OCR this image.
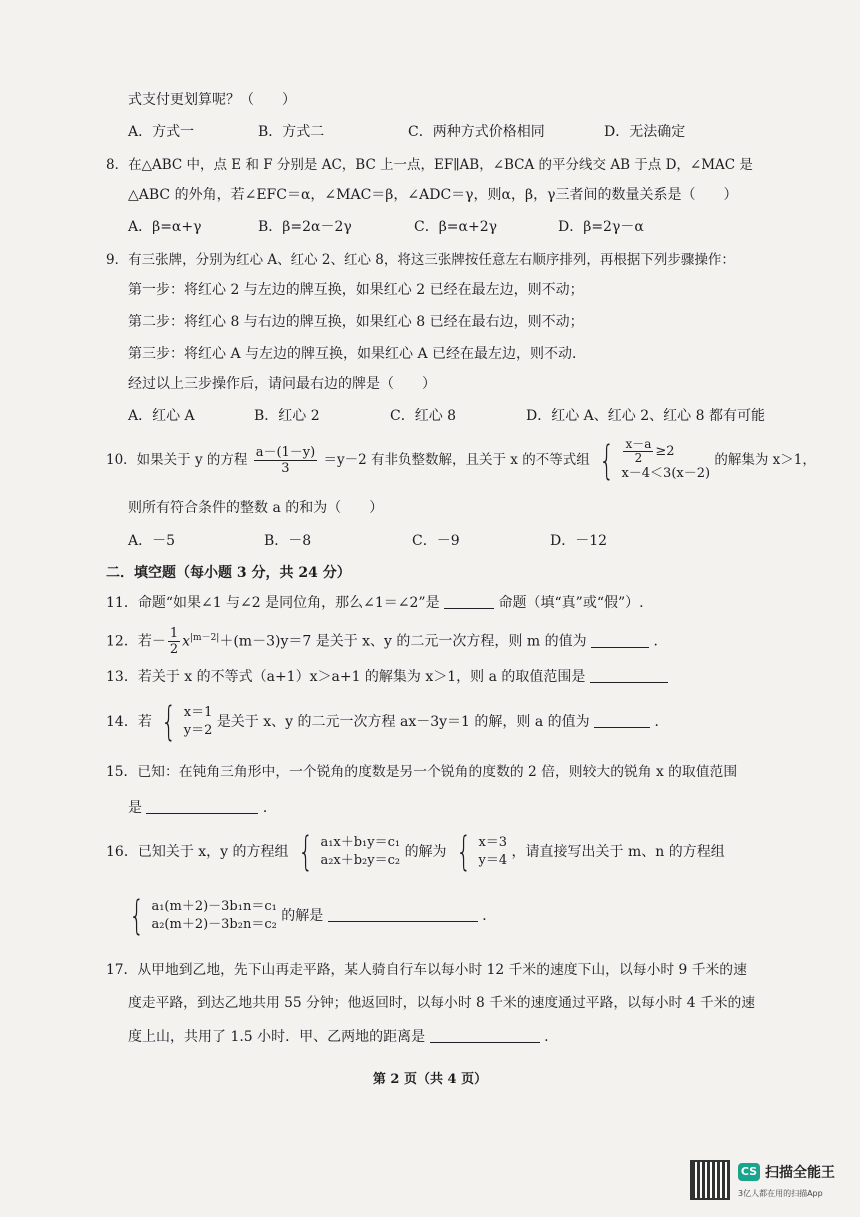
式支付更划算呢？（　　）
A．方式一	B．方式二	C．两种方式价格相同	D．无法确定
8．在△ABC 中，点 E 和 F 分别是 AC，BC 上一点，EF∥AB，∠BCA 的平分线交 AB 于点 D，∠MAC 是
△ABC 的外角，若∠EFC＝α，∠MAC＝β，∠ADC＝γ，则α，β，γ三者间的数量关系是（　　）
A．β=α+γ	B．β=2α－2γ	C．β=α+2γ	D．β=2γ－α
9．有三张牌，分别为红心 A、红心 2、红心 8，将这三张牌按任意左右顺序排列，再根据下列步骤操作：
第一步：将红心 2 与左边的牌互换，如果红心 2 已经在最左边，则不动；
第二步：将红心 8 与右边的牌互换，如果红心 8 已经在最右边，则不动；
第三步：将红心 A 与左边的牌互换，如果红心 A 已经在最左边，则不动．
经过以上三步操作后，请问最右边的牌是（　　）
A．红心 A	B．红心 2	C．红心 8	D．红心 A、红心 2、红心 8 都有可能
10．如果关于 y 的方程 $\frac{a-(1-y)}{3} =y-2$ 有非负整数解，且关于 x 的不等式组 { $\frac{x-a}{2} \ge 2$
x－4＜3(x－2)
的解集为 x＞1，
则所有符合条件的整数 a 的和为（　　）
A．－5	B．－8	C．－9	D．－12
二．填空题（每小题 3 分，共 24 分）
11．命题“如果∠1 与∠2 是同位角，那么∠1＝∠2”是	命题（填“真”或“假”）.
12．若－ $\frac{1}{2} x^{|m-2|}+(m-3)y=7$ 是关于 x、y 的二元一次方程，则 m 的值为	．
13．若关于 x 的不等式（a+1）x＞a+1 的解集为 x＞1，则 a 的取值范围是
14．若 { x＝1
y＝2
是关于 x、y 的二元一次方程 ax－3y＝1 的解，则 a 的值为	．
15．已知：在钝角三角形中，一个锐角的度数是另一个锐角的度数的 2 倍，则较大的锐角 x 的取值范围
是	．
16．已知关于 x，y 的方程组 { a₁x＋b₁y＝c₁
a₂x＋b₂y＝c₂
的解为 { x＝3
y＝4
，请直接写出关于 m、n 的方程组
{ a₁(m＋2)－3b₁n＝c₁
a₂(m＋2)－3b₂n＝c₂
的解是	．
17．从甲地到乙地，先下山再走平路，某人骑自行车以每小时 12 千米的速度下山，以每小时 9 千米的速
度走平路，到达乙地共用 55 分钟；他返回时，以每小时 8 千米的速度通过平路，以每小时 4 千米的速
度上山，共用了 1.5 小时．甲、乙两地的距离是	.
第 2 页（共 4 页）
CS 扫描全能王
3亿人都在用的扫描App
